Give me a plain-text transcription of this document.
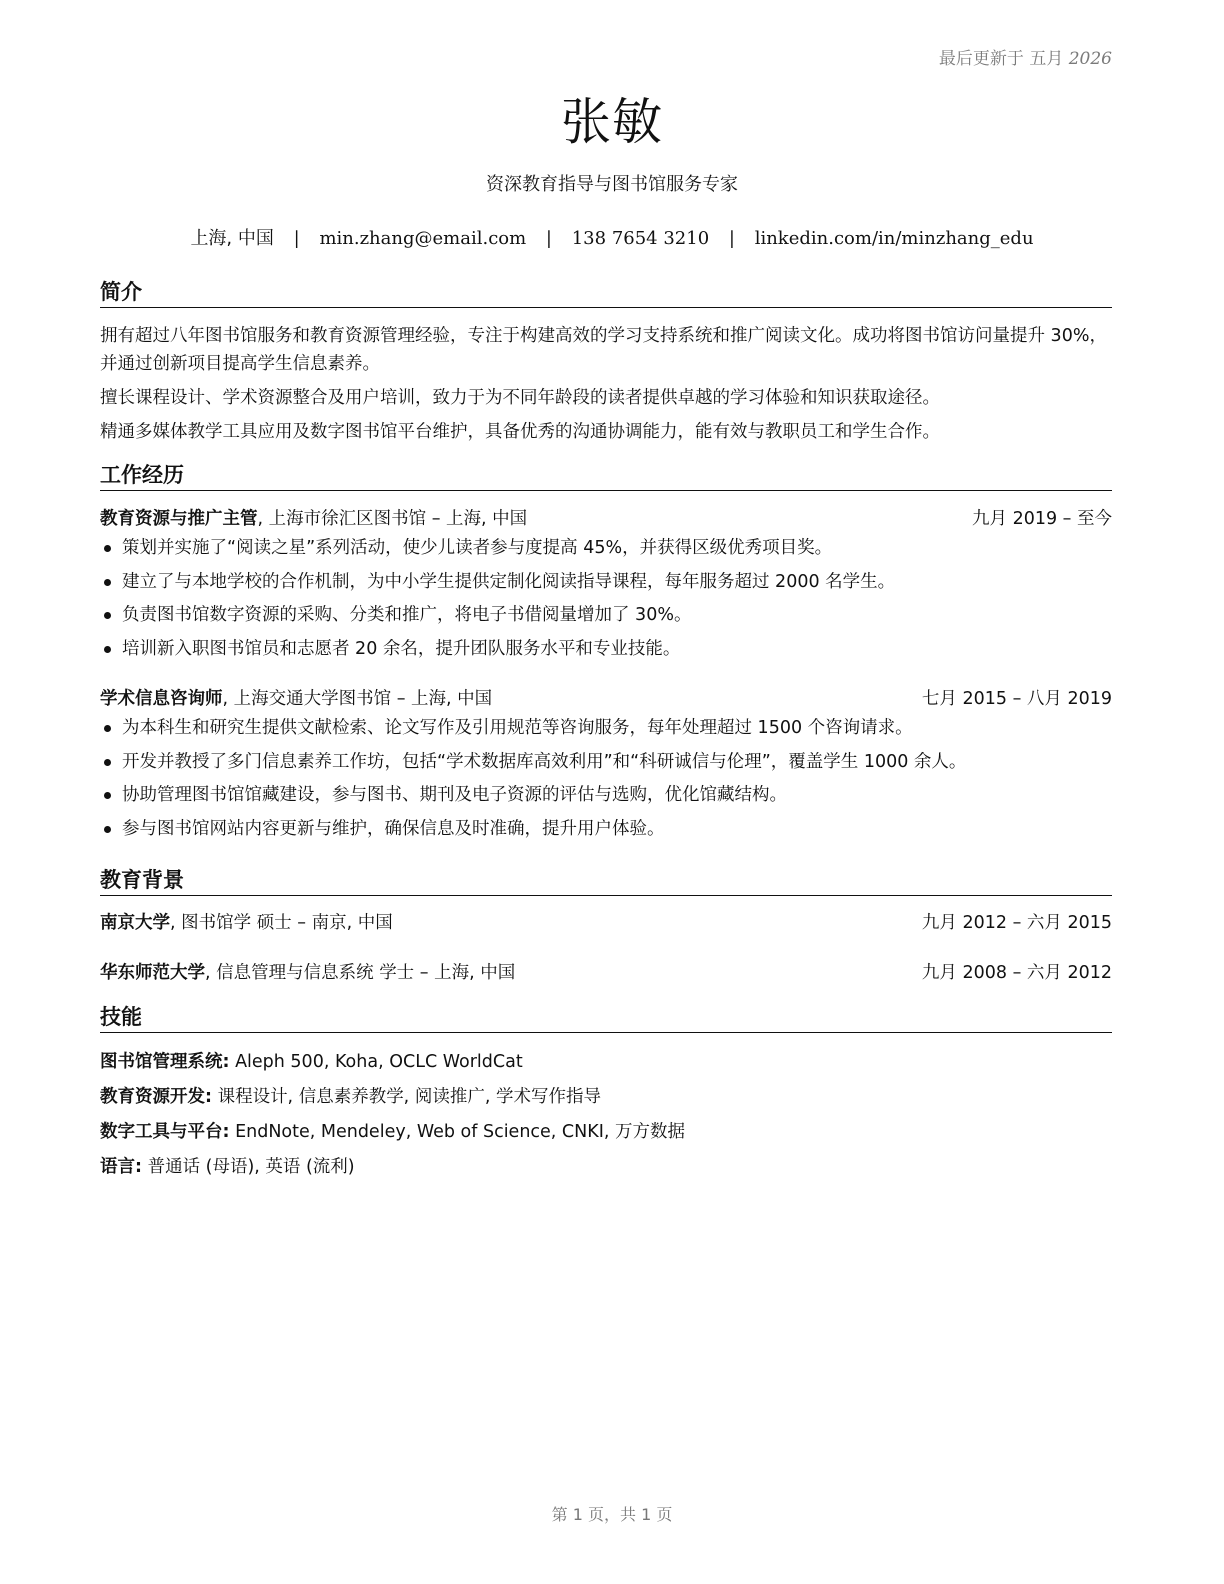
最后更新于 五月 2026
张敏
资深教育指导与图书馆服务专家
上海, 中国 | min.zhang@email.com | 138 7654 3210 | linkedin.com/in/minzhang_edu
简介

拥有超过八年图书馆服务和教育资源管理经验，专注于构建高效的学习支持系统和推广阅读文化。成功将图书馆访问量提升 30%，并通过创新项目提高学生信息素养。

擅长课程设计、学术资源整合及用户培训，致力于为不同年龄段的读者提供卓越的学习体验和知识获取途径。

精通多媒体教学工具应用及数字图书馆平台维护，具备优秀的沟通协调能力，能有效与教职员工和学生合作。

工作经历
教育资源与推广主管, 上海市徐汇区图书馆 – 上海, 中国	九月 2019 – 至今
策划并实施了“阅读之星”系列活动，使少儿读者参与度提高 45%，并获得区级优秀项目奖。
建立了与本地学校的合作机制，为中小学生提供定制化阅读指导课程，每年服务超过 2000 名学生。
负责图书馆数字资源的采购、分类和推广，将电子书借阅量增加了 30%。
培训新入职图书馆员和志愿者 20 余名，提升团队服务水平和专业技能。
学术信息咨询师, 上海交通大学图书馆 – 上海, 中国	七月 2015 – 八月 2019
为本科生和研究生提供文献检索、论文写作及引用规范等咨询服务，每年处理超过 1500 个咨询请求。
开发并教授了多门信息素养工作坊，包括“学术数据库高效利用”和“科研诚信与伦理”，覆盖学生 1000 余人。
协助管理图书馆馆藏建设，参与图书、期刊及电子资源的评估与选购，优化馆藏结构。
参与图书馆网站内容更新与维护，确保信息及时准确，提升用户体验。
教育背景
南京大学, 图书馆学 硕士 – 南京, 中国	九月 2012 – 六月 2015
华东师范大学, 信息管理与信息系统 学士 – 上海, 中国	九月 2008 – 六月 2012
技能
图书馆管理系统: Aleph 500, Koha, OCLC WorldCat
教育资源开发: 课程设计, 信息素养教学, 阅读推广, 学术写作指导
数字工具与平台: EndNote, Mendeley, Web of Science, CNKI, 万方数据
语言: 普通话 (母语), 英语 (流利)
第 1 页，共 1 页
